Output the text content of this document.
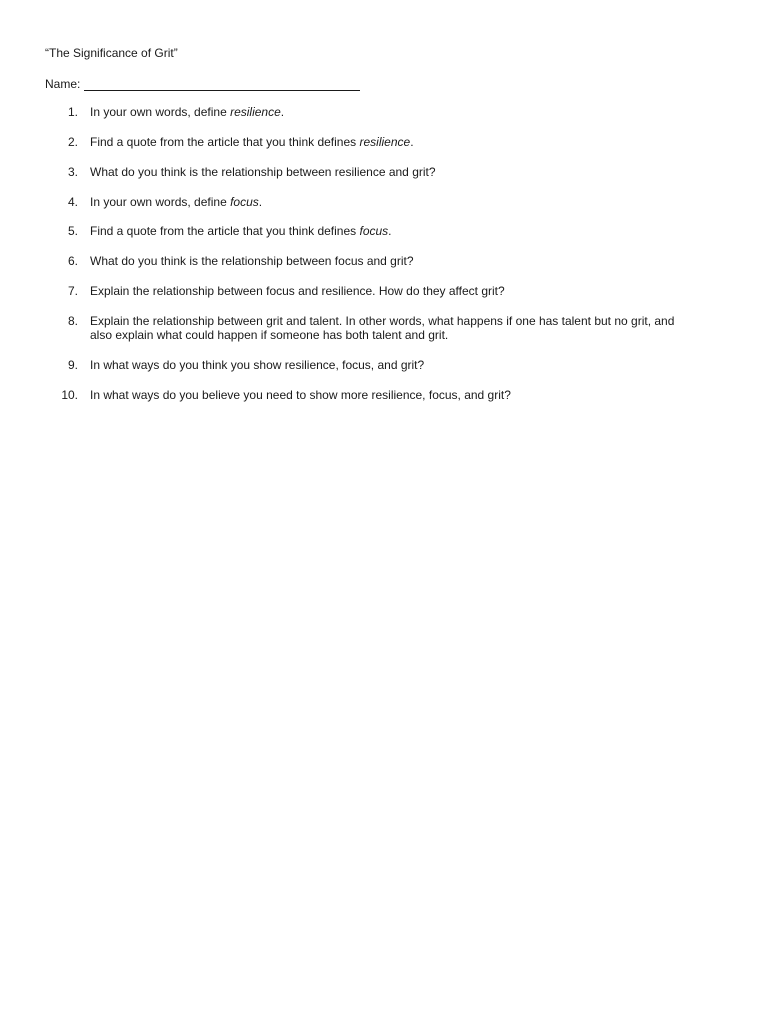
“The Significance of Grit”
Name:
1. In your own words, define resilience.
2. Find a quote from the article that you think defines resilience.
3. What do you think is the relationship between resilience and grit?
4. In your own words, define focus.
5. Find a quote from the article that you think defines focus.
6. What do you think is the relationship between focus and grit?
7. Explain the relationship between focus and resilience. How do they affect grit?
8. Explain the relationship between grit and talent. In other words, what happens if one has talent but no grit, and
also explain what could happen if someone has both talent and grit.
9. In what ways do you think you show resilience, focus, and grit?
10. In what ways do you believe you need to show more resilience, focus, and grit?
